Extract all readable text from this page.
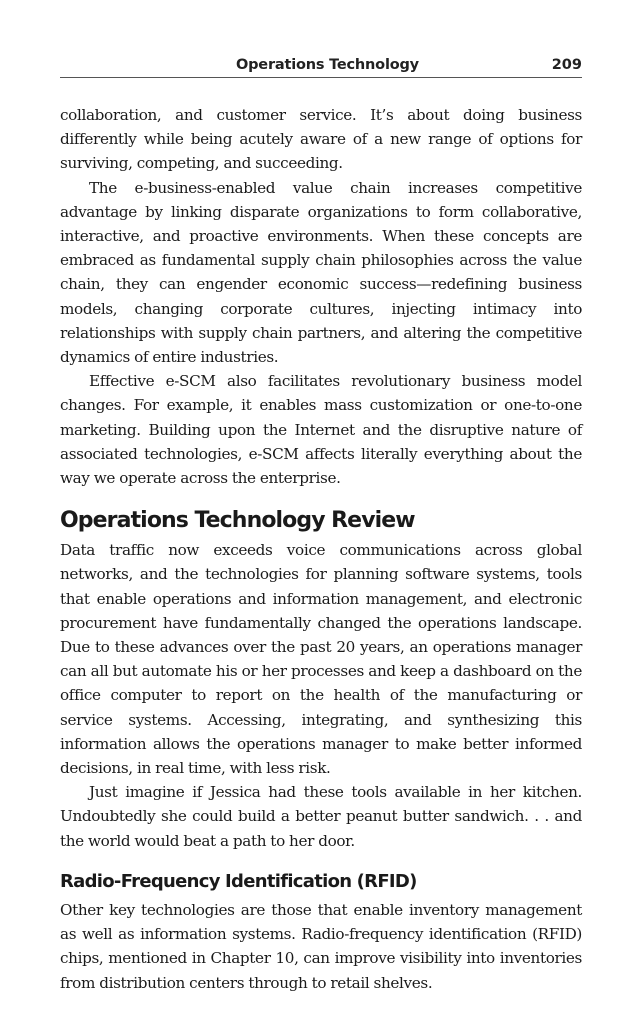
Operations Technology	209

collaboration, and customer service. It’s about doing business differently while being acutely aware of a new range of options for surviving, competing, and succeeding.

The e-business-enabled value chain increases competitive advantage by linking disparate organizations to form collaborative, interactive, and proactive environments. When these concepts are embraced as fundamental supply chain philosophies across the value chain, they can engender economic success—redefining business models, changing corporate cultures, injecting intimacy into relationships with supply chain partners, and altering the competitive dynamics of entire industries.

Effective e-SCM also facilitates revolutionary business model changes. For example, it enables mass customization or one-to-one marketing. Building upon the Internet and the disruptive nature of associated technologies, e-SCM affects literally everything about the way we operate across the enterprise.

Operations Technology Review

Data traffic now exceeds voice communications across global networks, and the technologies for planning software systems, tools that enable operations and information management, and electronic procurement have fundamentally changed the operations landscape. Due to these advances over the past 20 years, an operations manager can all but automate his or her processes and keep a dashboard on the office computer to report on the health of the manufacturing or service systems. Accessing, integrating, and synthesizing this information allows the operations manager to make better informed decisions, in real time, with less risk.

Just imagine if Jessica had these tools available in her kitchen. Undoubtedly she could build a better peanut butter sandwich. . . and the world would beat a path to her door.

Radio-Frequency Identification (RFID)

Other key technologies are those that enable inventory management as well as information systems. Radio-frequency identification (RFID) chips, mentioned in Chapter 10, can improve visibility into inventories from distribution centers through to retail shelves.
